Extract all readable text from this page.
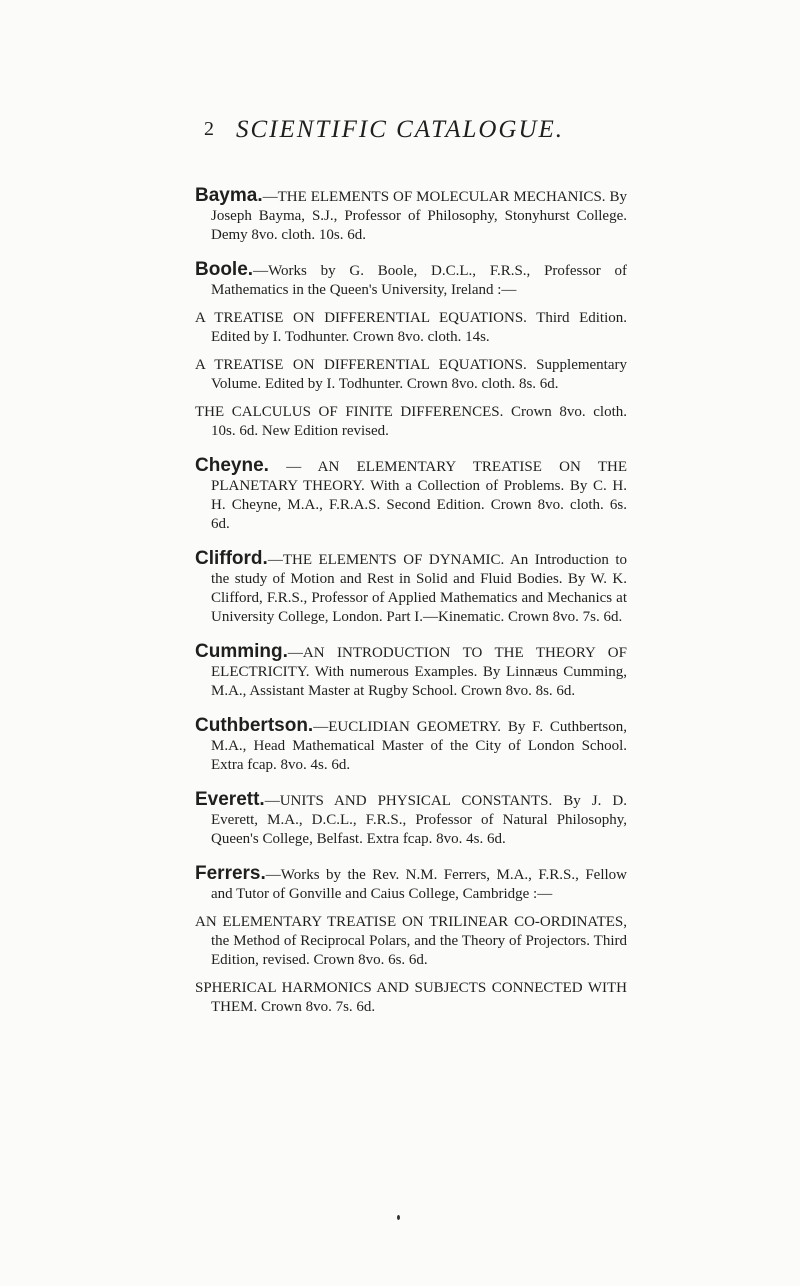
2 SCIENTIFIC CATALOGUE.

Bayma.—THE ELEMENTS OF MOLECULAR MECHANICS. By Joseph Bayma, S.J., Professor of Philosophy, Stonyhurst College. Demy 8vo. cloth. 10s. 6d.

Boole.—Works by G. Boole, D.C.L., F.R.S., Professor of Mathematics in the Queen's University, Ireland :—

A TREATISE ON DIFFERENTIAL EQUATIONS. Third Edition. Edited by I. Todhunter. Crown 8vo. cloth. 14s.

A TREATISE ON DIFFERENTIAL EQUATIONS. Supplementary Volume. Edited by I. Todhunter. Crown 8vo. cloth. 8s. 6d.

THE CALCULUS OF FINITE DIFFERENCES. Crown 8vo. cloth. 10s. 6d. New Edition revised.

Cheyne. — AN ELEMENTARY TREATISE ON THE PLANETARY THEORY. With a Collection of Problems. By C. H. H. Cheyne, M.A., F.R.A.S. Second Edition. Crown 8vo. cloth. 6s. 6d.

Clifford.—THE ELEMENTS OF DYNAMIC. An Introduction to the study of Motion and Rest in Solid and Fluid Bodies. By W. K. Clifford, F.R.S., Professor of Applied Mathematics and Mechanics at University College, London. Part I.—Kinematic. Crown 8vo. 7s. 6d.

Cumming.—AN INTRODUCTION TO THE THEORY OF ELECTRICITY. With numerous Examples. By Linnæus Cumming, M.A., Assistant Master at Rugby School. Crown 8vo. 8s. 6d.

Cuthbertson.—EUCLIDIAN GEOMETRY. By F. Cuthbertson, M.A., Head Mathematical Master of the City of London School. Extra fcap. 8vo. 4s. 6d.

Everett.—UNITS AND PHYSICAL CONSTANTS. By J. D. Everett, M.A., D.C.L., F.R.S., Professor of Natural Philosophy, Queen's College, Belfast. Extra fcap. 8vo. 4s. 6d.

Ferrers.—Works by the Rev. N.M. Ferrers, M.A., F.R.S., Fellow and Tutor of Gonville and Caius College, Cambridge :—

AN ELEMENTARY TREATISE ON TRILINEAR CO-ORDINATES, the Method of Reciprocal Polars, and the Theory of Projectors. Third Edition, revised. Crown 8vo. 6s. 6d.

SPHERICAL HARMONICS AND SUBJECTS CONNECTED WITH THEM. Crown 8vo. 7s. 6d.
